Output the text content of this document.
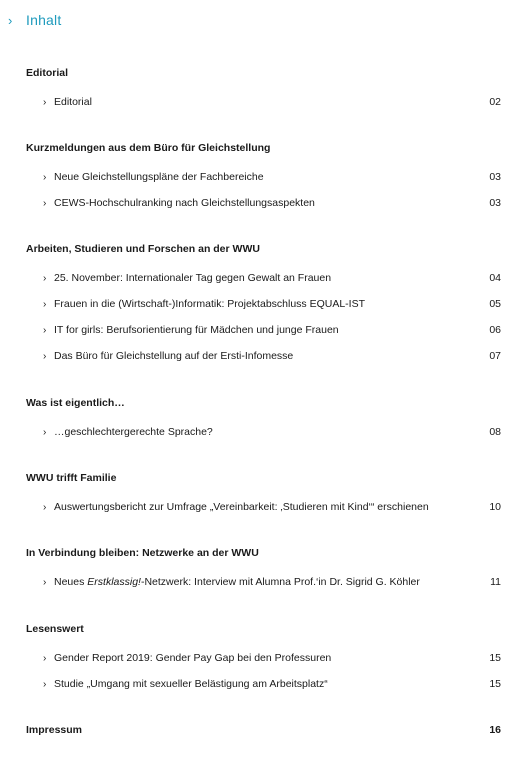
› Inhalt
Editorial
› Editorial	02
Kurzmeldungen aus dem Büro für Gleichstellung
› Neue Gleichstellungspläne der Fachbereiche	03
› CEWS-Hochschulranking nach Gleichstellungsaspekten	03
Arbeiten, Studieren und Forschen an der WWU
› 25. November: Internationaler Tag gegen Gewalt an Frauen	04
› Frauen in die (Wirtschaft-)Informatik: Projektabschluss EQUAL-IST	05
› IT for girls: Berufsorientierung für Mädchen und junge Frauen	06
› Das Büro für Gleichstellung auf der Ersti-Infomesse	07
Was ist eigentlich…
› …geschlechtergerechte Sprache?	08
WWU trifft Familie
› Auswertungsbericht zur Umfrage „Vereinbarkeit: ‚Studieren mit Kind‘“ erschienen	10
In Verbindung bleiben: Netzwerke an der WWU
› Neues Erstklassig!-Netzwerk: Interview mit Alumna Prof.‘in Dr. Sigrid G. Köhler	11
Lesenswert
› Gender Report 2019: Gender Pay Gap bei den Professuren	15
› Studie „Umgang mit sexueller Belästigung am Arbeitsplatz“	15
Impressum	16
